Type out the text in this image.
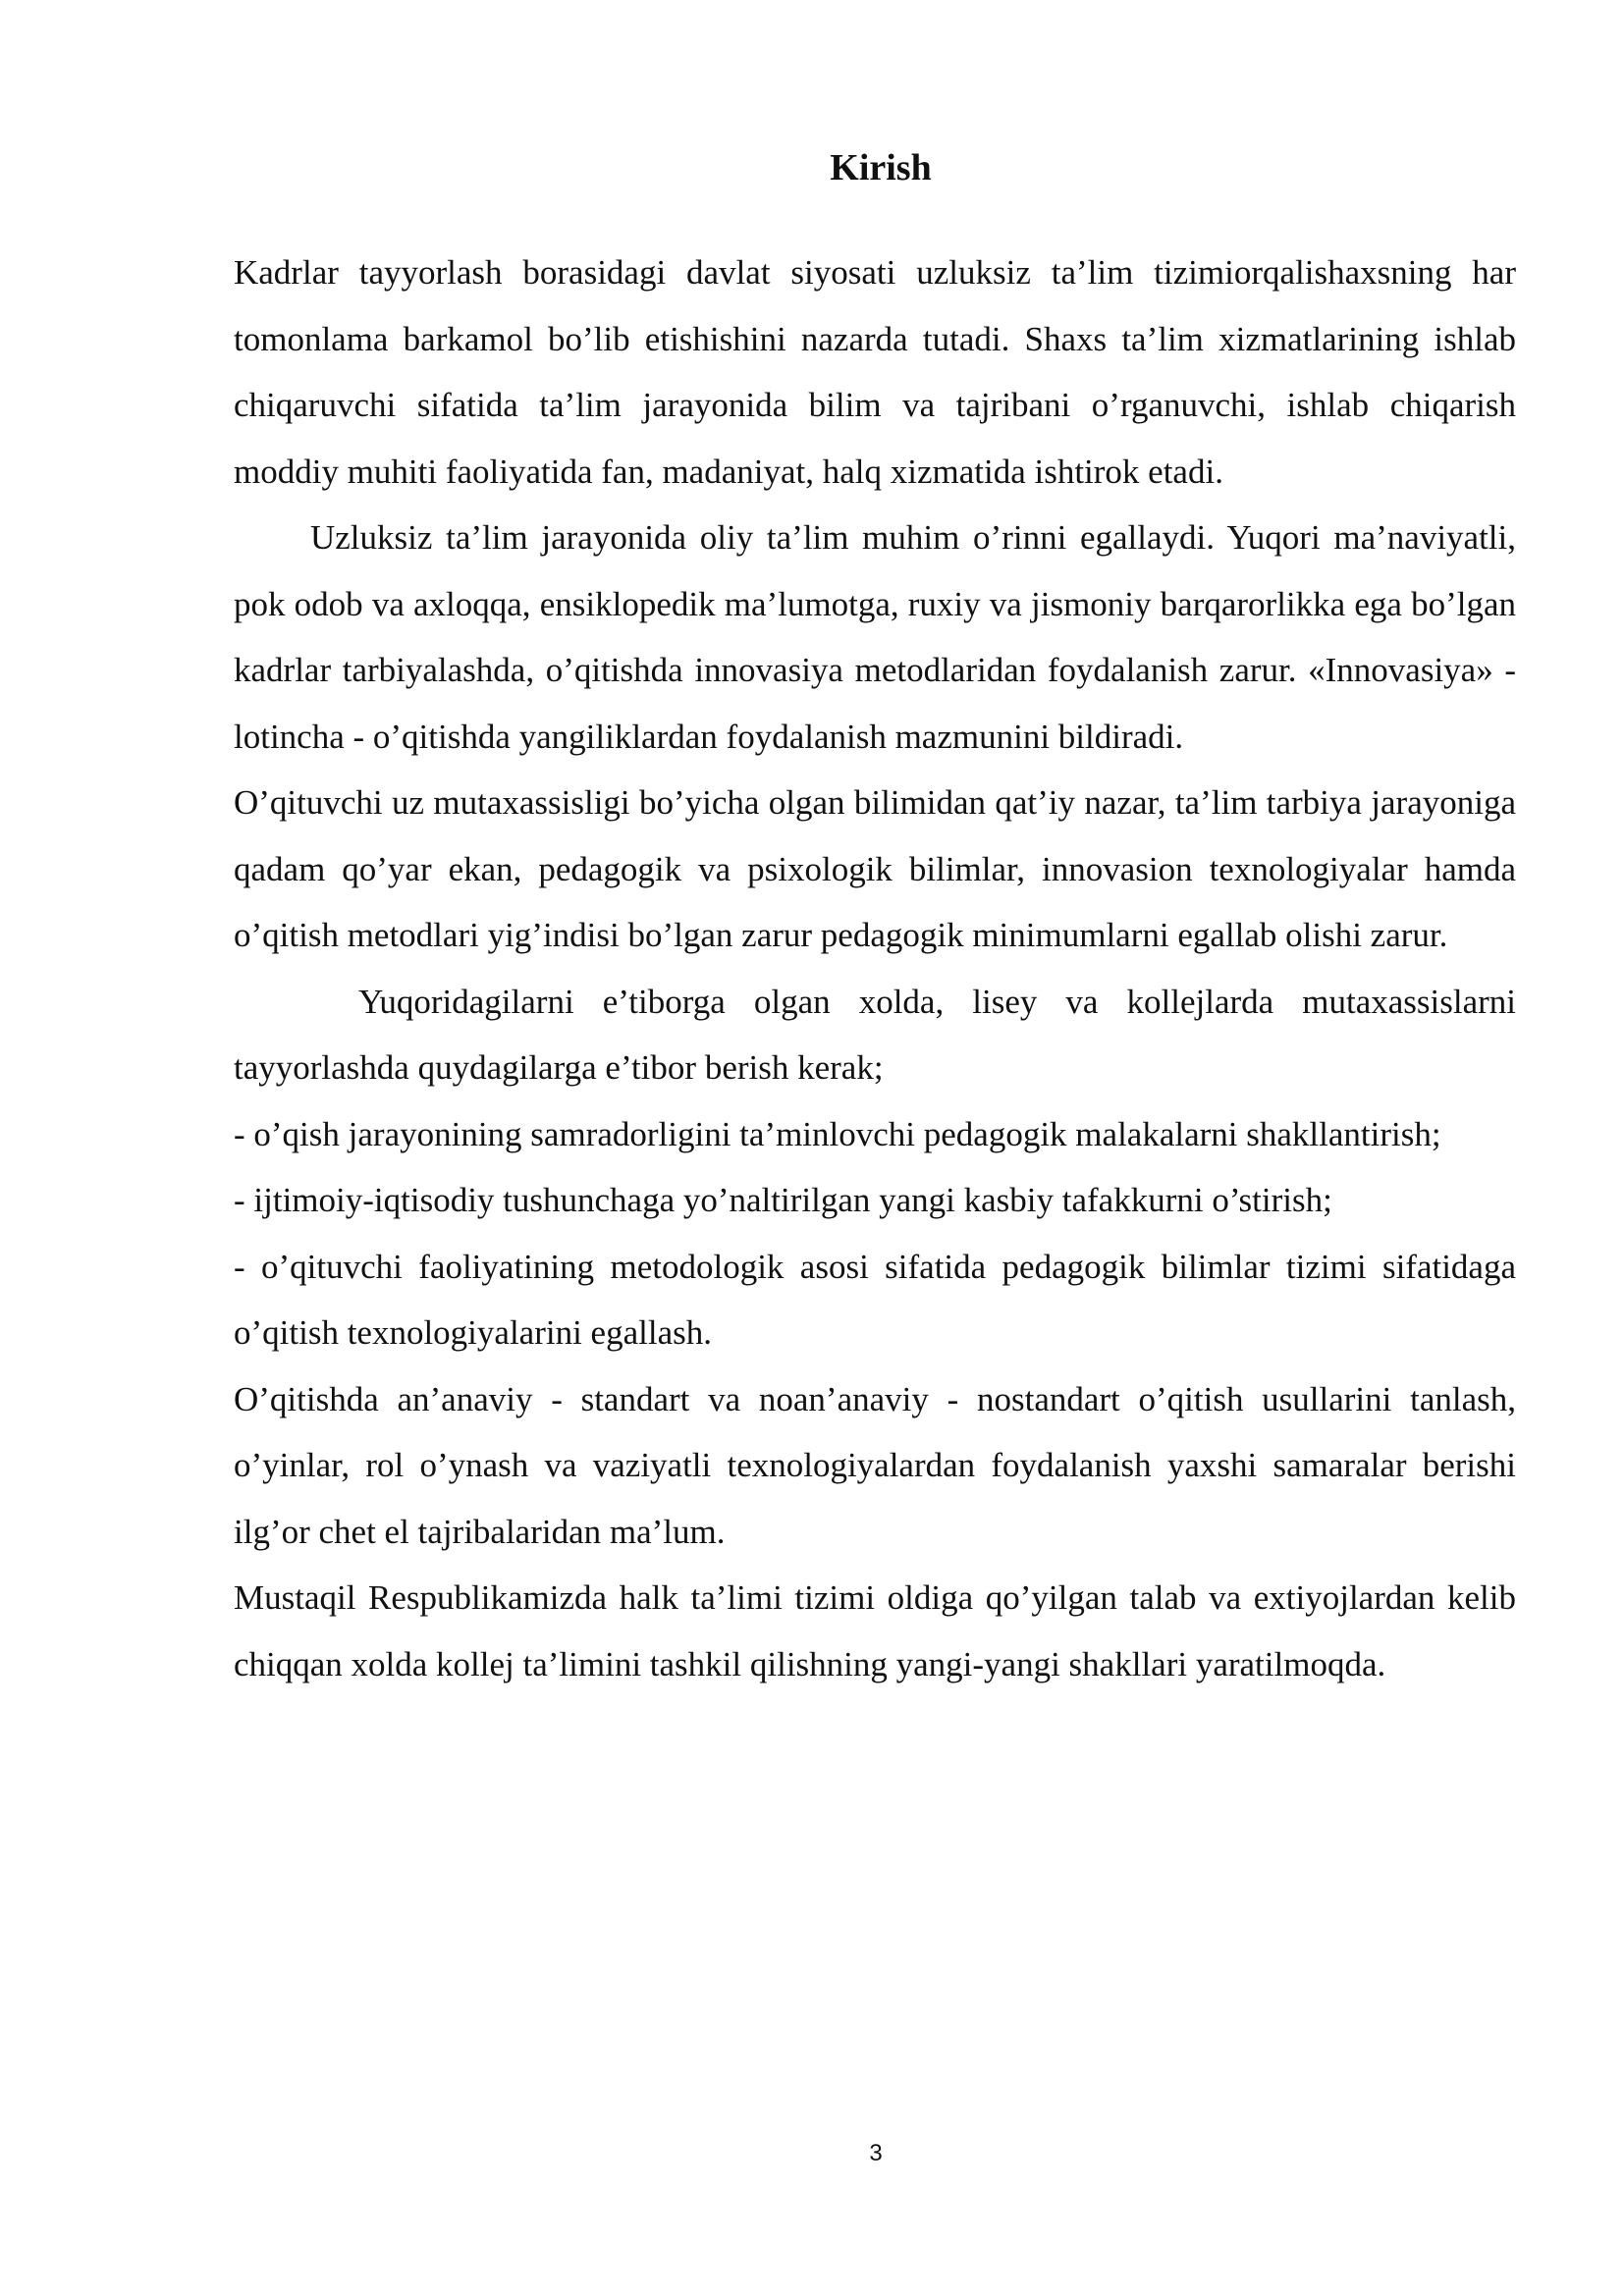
Kirish

Kadrlar tayyorlash borasidagi davlat siyosati uzluksiz ta’lim tizimiorqalishaxsning har tomonlama barkamol bo’lib etishishini nazarda tutadi. Shaxs ta’lim xizmatlarining ishlab chiqaruvchi sifatida ta’lim jarayonida bilim va tajribani o’rganuvchi, ishlab chiqarish moddiy muhiti faoliyatida fan, madaniyat, halq xizmatida ishtirok etadi.

Uzluksiz ta’lim jarayonida oliy ta’lim muhim o’rinni egallaydi. Yuqori ma’naviyatli, pok odob va axloqqa, ensiklopedik ma’lumotga, ruxiy va jismoniy barqarorlikka ega bo’lgan kadrlar tarbiyalashda, o’qitishda innovasiya metodlaridan foydalanish zarur. «Innovasiya» - lotincha - o’qitishda yangiliklardan foydalanish mazmunini bildiradi.

O’qituvchi uz mutaxassisligi bo’yicha olgan bilimidan qat’iy nazar, ta’lim tarbiya jarayoniga qadam qo’yar ekan, pedagogik va psixologik bilimlar, innovasion texnologiyalar hamda o’qitish metodlari yig’indisi bo’lgan zarur pedagogik minimumlarni egallab olishi zarur.

Yuqoridagilarni e’tiborga olgan xolda, lisey va kollejlarda mutaxassislarni tayyorlashda quydagilarga e’tibor berish kerak;

- o’qish jarayonining samradorligini ta’minlovchi pedagogik malakalarni shakllantirish;

- ijtimoiy-iqtisodiy tushunchaga yo’naltirilgan yangi kasbiy tafakkurni o’stirish;

- o’qituvchi faoliyatining metodologik asosi sifatida pedagogik bilimlar tizimi sifatidaga o’qitish texnologiyalarini egallash.

O’qitishda an’anaviy - standart va noan’anaviy - nostandart o’qitish usullarini tanlash, o’yinlar, rol o’ynash va vaziyatli texnologiyalardan foydalanish yaxshi samaralar berishi ilg’or chet el tajribalaridan ma’lum.

Mustaqil Respublikamizda halk ta’limi tizimi oldiga qo’yilgan talab va extiyojlardan kelib chiqqan xolda kollej ta’limini tashkil qilishning yangi-yangi shakllari yaratilmoqda.

3
